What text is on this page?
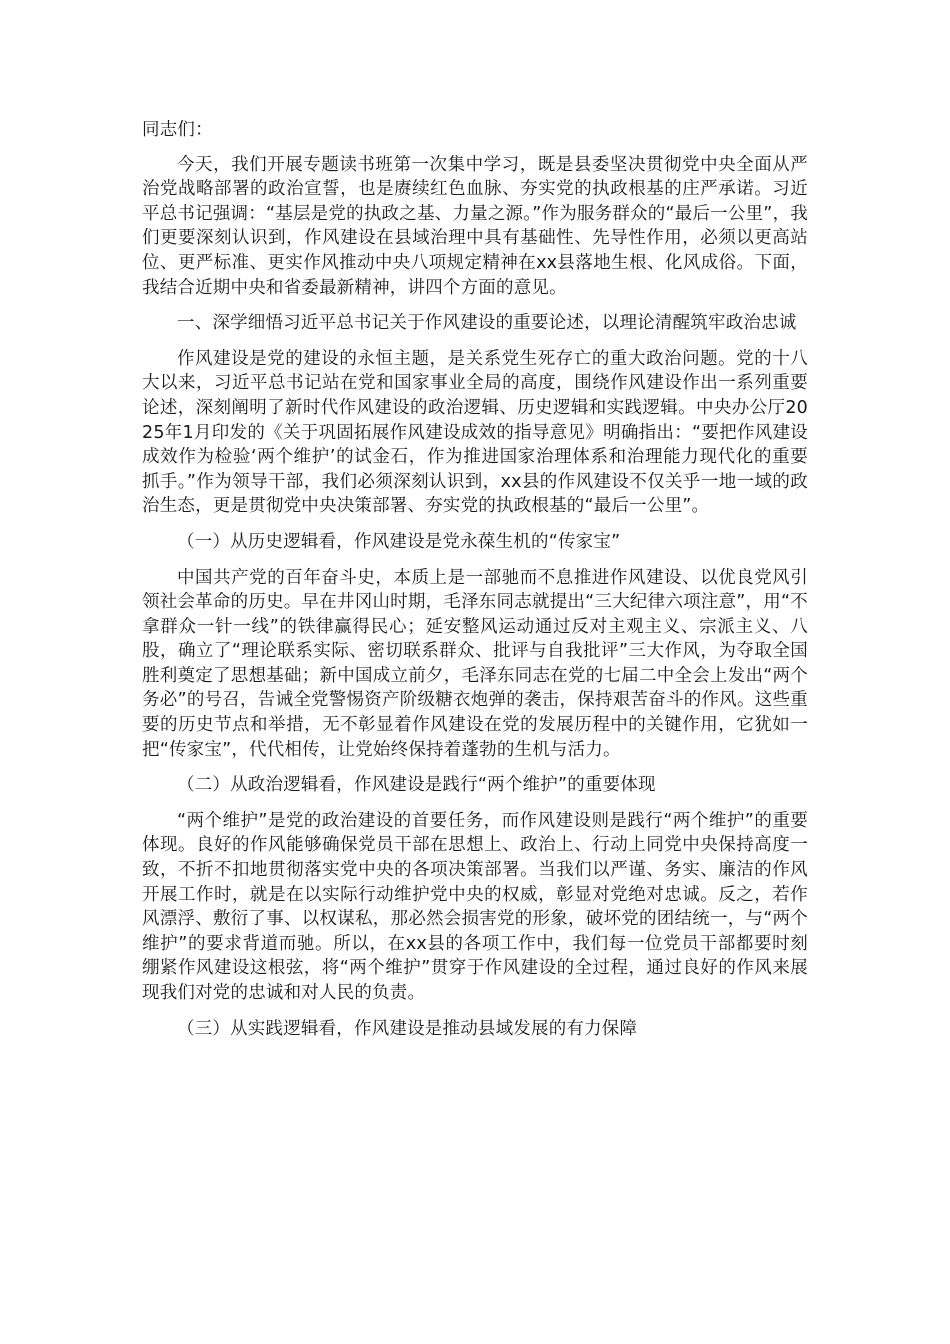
同志们：

今天，我们开展专题读书班第一次集中学习，既是县委坚决贯彻党中央全面从严治党战略部署的政治宣誓，也是赓续红色血脉、夯实党的执政根基的庄严承诺。习近平总书记强调：“基层是党的执政之基、力量之源。”作为服务群众的“最后一公里”，我们更要深刻认识到，作风建设在县域治理中具有基础性、先导性作用，必须以更高站位、更严标准、更实作风推动中央八项规定精神在xx县落地生根、化风成俗。下面，我结合近期中央和省委最新精神，讲四个方面的意见。

一、深学细悟习近平总书记关于作风建设的重要论述，以理论清醒筑牢政治忠诚

作风建设是党的建设的永恒主题，是关系党生死存亡的重大政治问题。党的十八大以来，习近平总书记站在党和国家事业全局的高度，围绕作风建设作出一系列重要论述，深刻阐明了新时代作风建设的政治逻辑、历史逻辑和实践逻辑。中央办公厅2025年1月印发的《关于巩固拓展作风建设成效的指导意见》明确指出：“要把作风建设成效作为检验‘两个维护’的试金石，作为推进国家治理体系和治理能力现代化的重要抓手。”作为领导干部，我们必须深刻认识到，xx县的作风建设不仅关乎一地一域的政治生态，更是贯彻党中央决策部署、夯实党的执政根基的“最后一公里”。

（一）从历史逻辑看，作风建设是党永葆生机的“传家宝”

中国共产党的百年奋斗史，本质上是一部驰而不息推进作风建设、以优良党风引领社会革命的历史。早在井冈山时期，毛泽东同志就提出“三大纪律六项注意”，用“不拿群众一针一线”的铁律赢得民心；延安整风运动通过反对主观主义、宗派主义、八股，确立了“理论联系实际、密切联系群众、批评与自我批评”三大作风，为夺取全国胜利奠定了思想基础；新中国成立前夕，毛泽东同志在党的七届二中全会上发出“两个务必”的号召，告诫全党警惕资产阶级糖衣炮弹的袭击，保持艰苦奋斗的作风。这些重要的历史节点和举措，无不彰显着作风建设在党的发展历程中的关键作用，它犹如一把“传家宝”，代代相传，让党始终保持着蓬勃的生机与活力。

（二）从政治逻辑看，作风建设是践行“两个维护”的重要体现

“两个维护”是党的政治建设的首要任务，而作风建设则是践行“两个维护”的重要体现。良好的作风能够确保党员干部在思想上、政治上、行动上同党中央保持高度一致，不折不扣地贯彻落实党中央的各项决策部署。当我们以严谨、务实、廉洁的作风开展工作时，就是在以实际行动维护党中央的权威，彰显对党绝对忠诚。反之，若作风漂浮、敷衍了事、以权谋私，那必然会损害党的形象，破坏党的团结统一，与“两个维护”的要求背道而驰。所以，在xx县的各项工作中，我们每一位党员干部都要时刻绷紧作风建设这根弦，将“两个维护”贯穿于作风建设的全过程，通过良好的作风来展现我们对党的忠诚和对人民的负责。

（三）从实践逻辑看，作风建设是推动县域发展的有力保障
